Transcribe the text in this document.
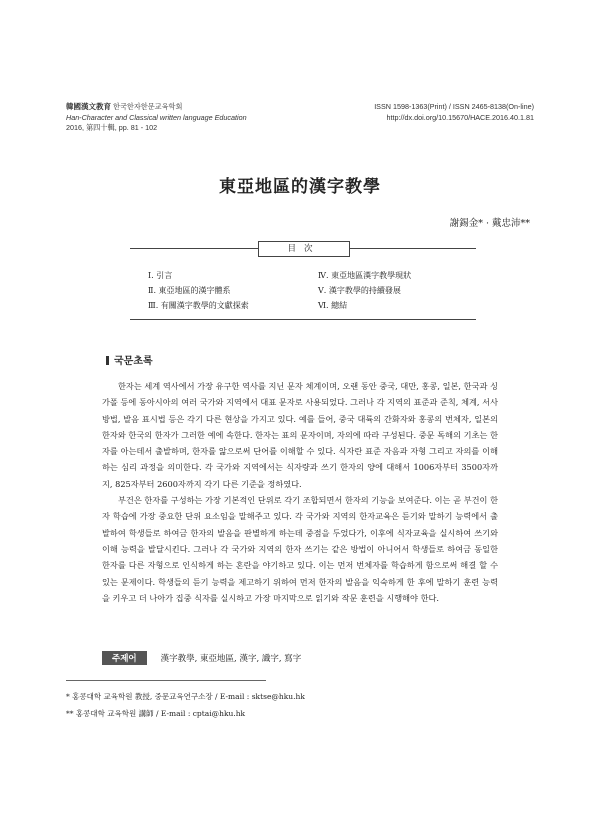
韓國漢文教育 한국한자한문교육학회
Han-Character and Classical written language Education
2016, 第四十輯, pp. 81 - 102
ISSN 1598-1363(Print) / ISSN 2465-8138(On-line)
http://dx.doi.org/10.15670/HACE.2016.40.1.81
東亞地區的漢字教學
謝錫金* · 戴忠沛**
目次
Ⅰ. 引言
Ⅱ. 東亞地區的漢字體系
Ⅲ. 有關漢字教學的文獻探索
Ⅳ. 東亞地區漢字教學現狀
Ⅴ. 漢字教學的持續發展
Ⅵ. 總結
국문초록

한자는 세계 역사에서 가장 유구한 역사를 지닌 문자 체계이며, 오랜 동안 중국, 대만, 홍콩, 일본, 한국과 싱가폴 등에 동아시아의 여러 국가와 지역에서 대표 문자로 사용되었다. 그러나 각 지역의 표준과 준칙, 체계, 서사 방법, 발음 표시법 등은 각기 다른 현상을 가지고 있다. 예를 들어, 중국 대륙의 간화자와 홍콩의 번체자, 일본의 한자와 한국의 한자가 그러한 예에 속한다. 한자는 표의 문자이며, 자의에 따라 구성된다. 중문 독해의 기초는 한자를 아는데서 출발하며, 한자를 앎으로써 단어를 이해할 수 있다. 식자란 표준 자음과 자형 그리고 자의를 이해하는 심리 과정을 의미한다. 각 국가와 지역에서는 식자량과 쓰기 한자의 양에 대해서 1006자부터 3500자까지, 825자부터 2600자까지 각기 다른 기준을 정하였다.

부건은 한자를 구성하는 가장 기본적인 단위로 각기 조합되면서 한자의 기능을 보여준다. 이는 곧 부건이 한자 학습에 가장 중요한 단위 요소임을 말해주고 있다. 각 국가와 지역의 한자교육은 듣기와 말하기 능력에서 출발하여 학생들로 하여금 한자의 발음을 판별하게 하는데 중점을 두었다가, 이후에 식자교육을 실시하여 쓰기와 이해 능력을 발달시킨다. 그러나 각 국가와 지역의 한자 쓰기는 같은 방법이 아니어서 학생들로 하여금 동일한 한자를 다른 자형으로 인식하게 하는 혼란을 야기하고 있다. 이는 먼저 번체자를 학습하게 함으로써 해결 할 수 있는 문제이다. 학생들의 듣기 능력을 제고하기 위하여 먼저 한자의 발음을 익숙하게 한 후에 말하기 훈련 능력을 키우고 더 나아가 집중 식자를 실시하고 가장 마지막으로 읽기와 작문 훈련을 시행해야 한다.

주제어	漢字教學, 東亞地區, 漢字, 識字, 寫字
* 홍콩대학 교육학원 教授, 중문교육연구소장 / E-mail : sktse@hku.hk
** 홍콩대학 교육학원 講師 / E-mail : cptai@hku.hk
